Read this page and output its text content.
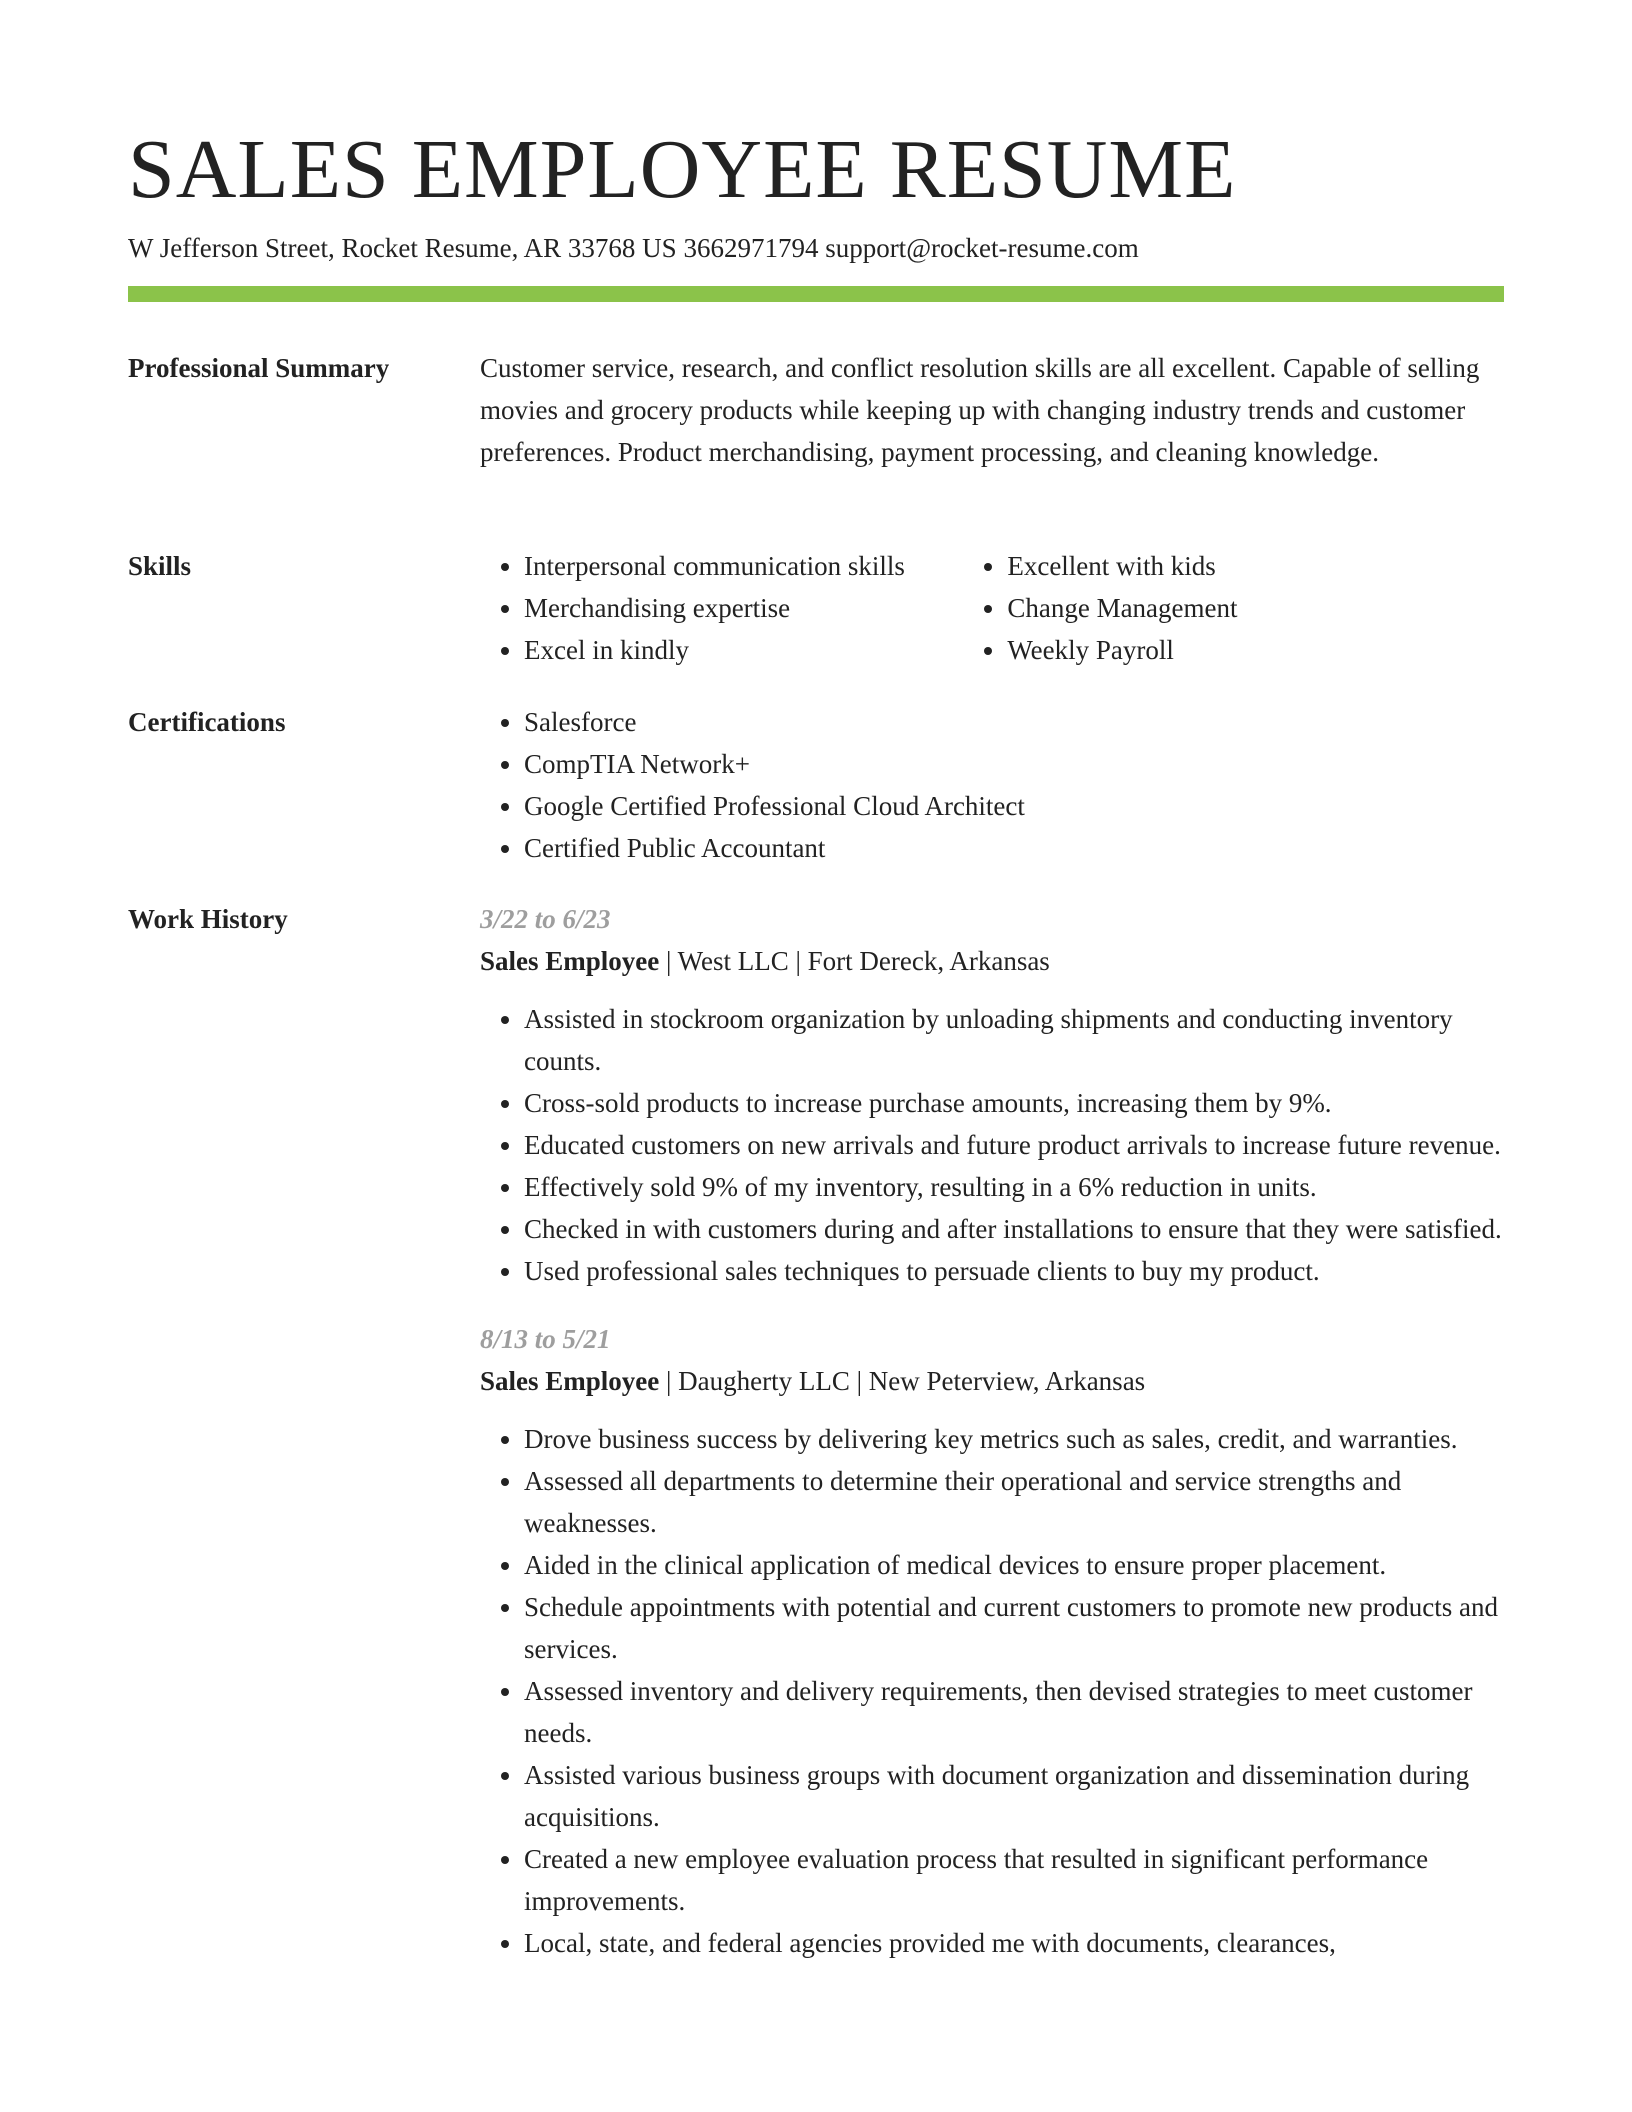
SALES EMPLOYEE RESUME
W Jefferson Street, Rocket Resume, AR 33768 US 3662971794 support@rocket-resume.com
Professional Summary	Customer service, research, and conflict resolution skills are all excellent. Capable of selling movies and grocery products while keeping up with changing industry trends and customer preferences. Product merchandising, payment processing, and cleaning knowledge.

Skills	• Interpersonal communication skills
• Merchandising expertise
• Excel in kindly
• Excellent with kids
• Change Management
• Weekly Payroll
Certifications	• Salesforce
• CompTIA Network+
• Google Certified Professional Cloud Architect
• Certified Public Accountant
Work History	3/22 to 6/23
Sales Employee | West LLC | Fort Dereck, Arkansas
• Assisted in stockroom organization by unloading shipments and conducting inventory counts.
• Cross-sold products to increase purchase amounts, increasing them by 9%.
• Educated customers on new arrivals and future product arrivals to increase future revenue.
• Effectively sold 9% of my inventory, resulting in a 6% reduction in units.
• Checked in with customers during and after installations to ensure that they were satisfied.
• Used professional sales techniques to persuade clients to buy my product.
8/13 to 5/21
Sales Employee | Daugherty LLC | New Peterview, Arkansas
• Drove business success by delivering key metrics such as sales, credit, and warranties.
• Assessed all departments to determine their operational and service strengths and weaknesses.
• Aided in the clinical application of medical devices to ensure proper placement.
• Schedule appointments with potential and current customers to promote new products and services.
• Assessed inventory and delivery requirements, then devised strategies to meet customer needs.
• Assisted various business groups with document organization and dissemination during acquisitions.
• Created a new employee evaluation process that resulted in significant performance improvements.
• Local, state, and federal agencies provided me with documents, clearances,
